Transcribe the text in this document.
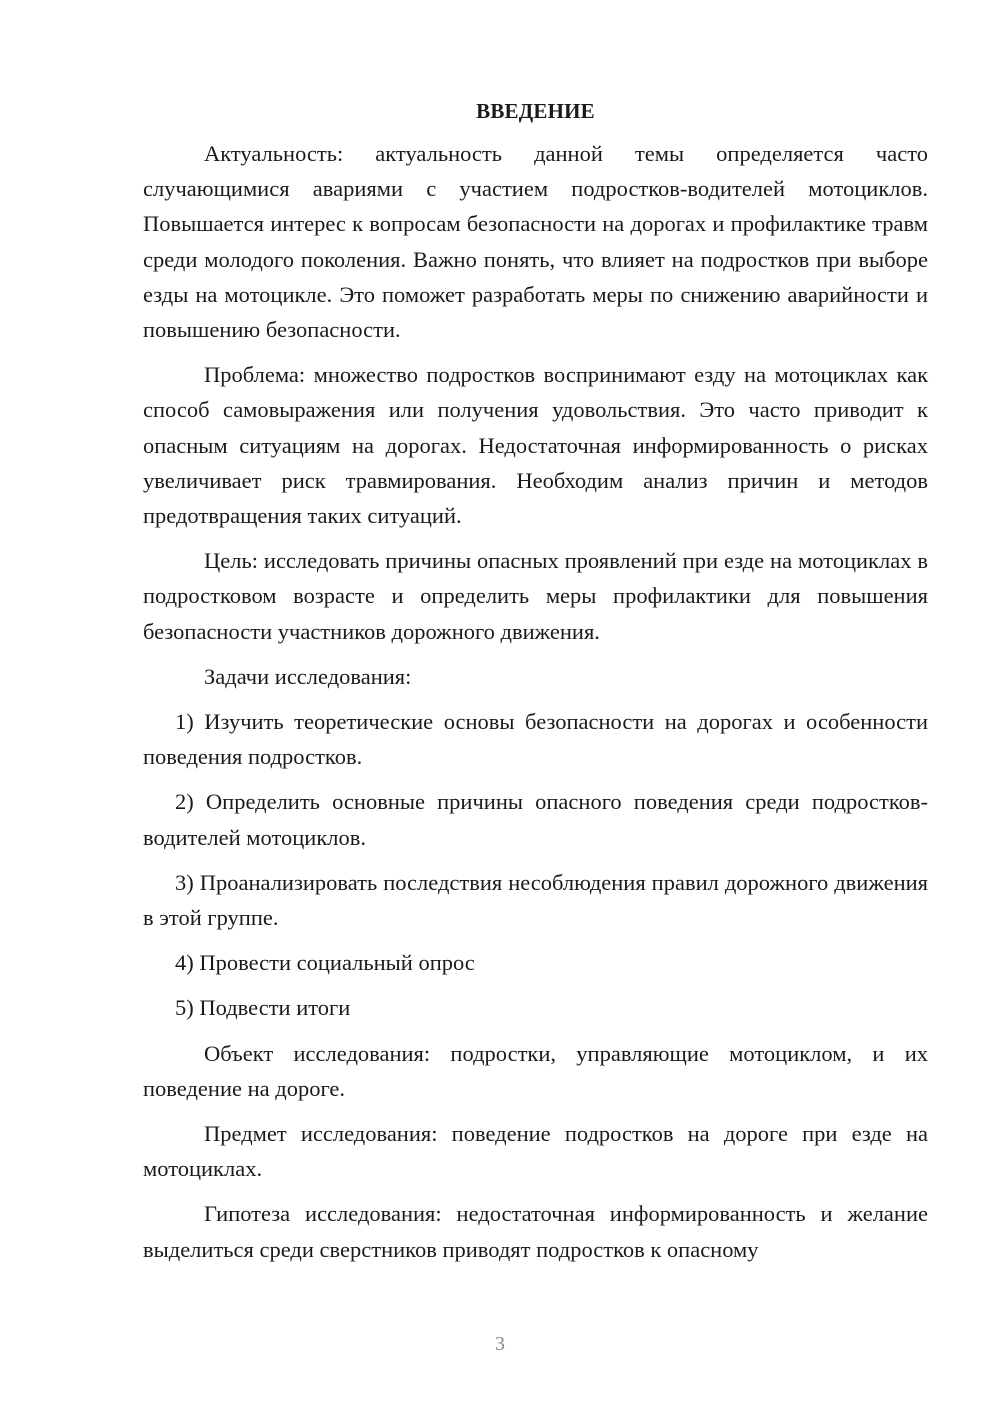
ВВЕДЕНИЕ

Актуальность: актуальность данной темы определяется часто случающимися авариями с участием подростков-водителей мотоциклов. Повышается интерес к вопросам безопасности на дорогах и профилактике травм среди молодого поколения. Важно понять, что влияет на подростков при выборе езды на мотоцикле. Это поможет разработать меры по снижению аварийности и повышению безопасности.

Проблема: множество подростков воспринимают езду на мотоциклах как способ самовыражения или получения удовольствия. Это часто приводит к опасным ситуациям на дорогах. Недостаточная информированность о рисках увеличивает риск травмирования. Необходим анализ причин и методов предотвращения таких ситуаций.

Цель: исследовать причины опасных проявлений при езде на мотоциклах в подростковом возрасте и определить меры профилактики для повышения безопасности участников дорожного движения.

Задачи исследования:

1) Изучить теоретические основы безопасности на дорогах и особенности поведения подростков.

2) Определить основные причины опасного поведения среди подростков-водителей мотоциклов.

3) Проанализировать последствия несоблюдения правил дорожного движения в этой группе.

4) Провести социальный опрос

5) Подвести итоги

Объект исследования: подростки, управляющие мотоциклом, и их поведение на дороге.

Предмет исследования: поведение подростков на дороге при езде на мотоциклах.

Гипотеза исследования: недостаточная информированность и желание выделиться среди сверстников приводят подростков к опасному

3
